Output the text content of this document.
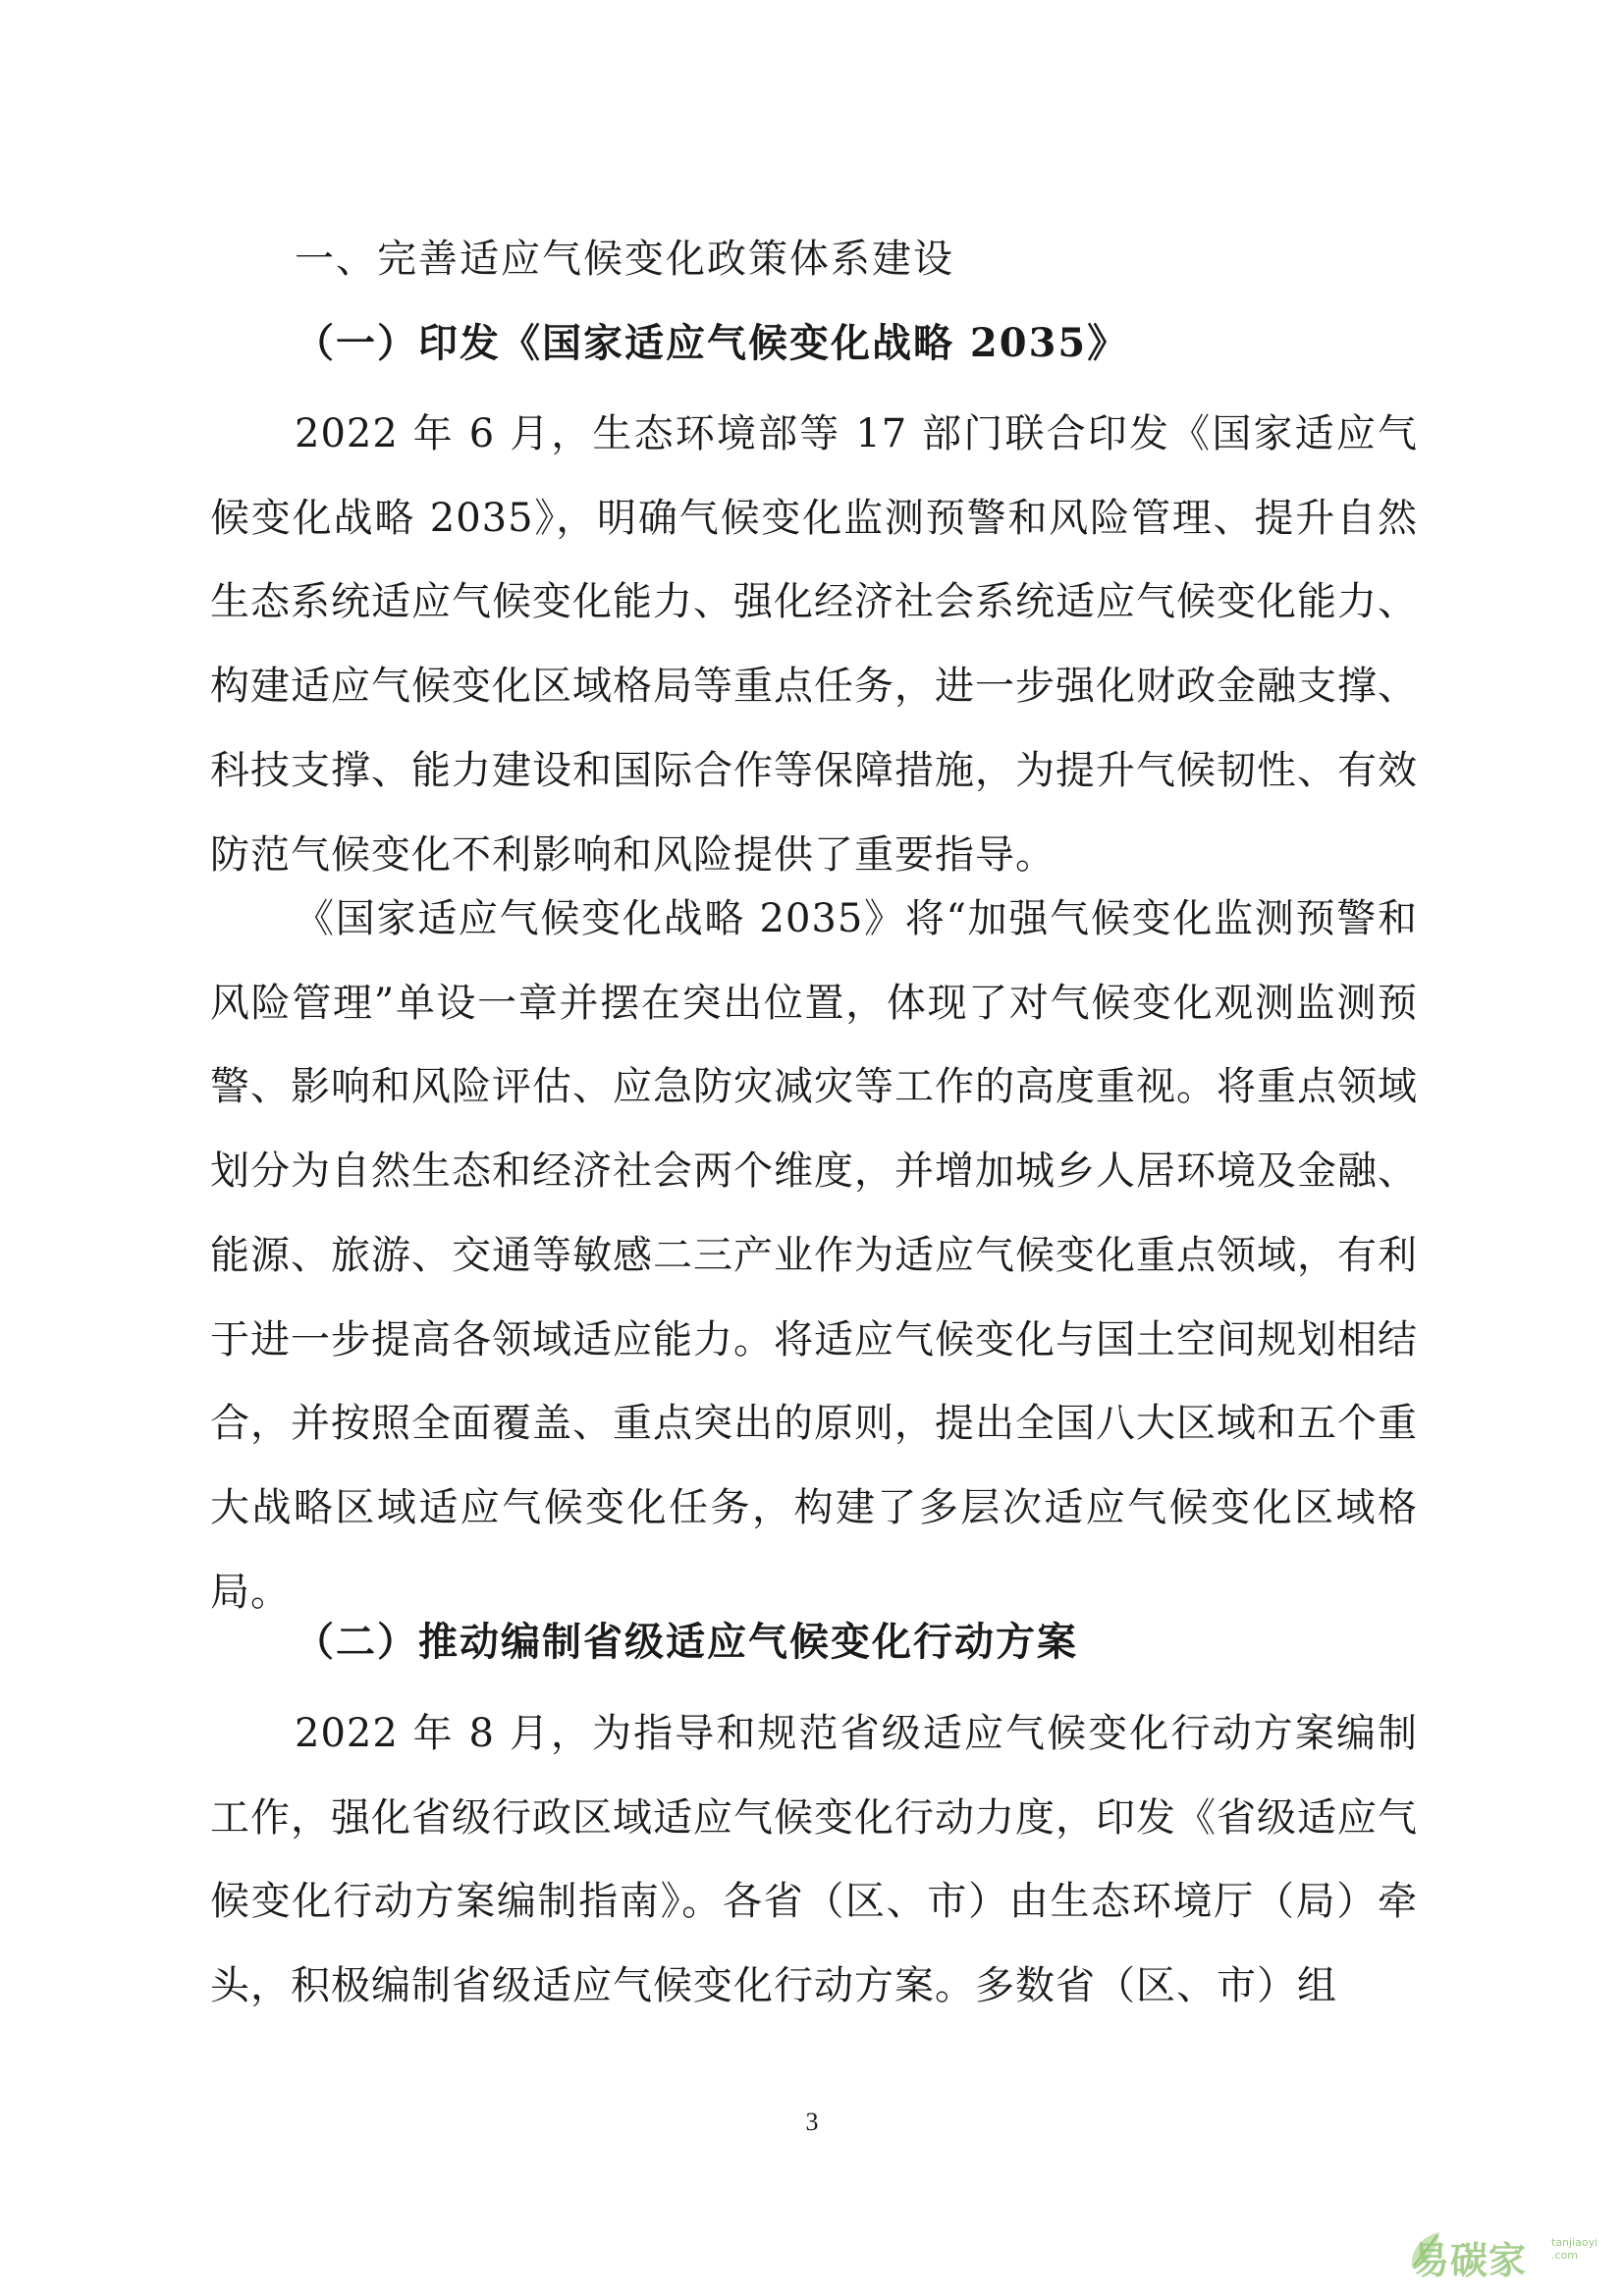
一、完善适应气候变化政策体系建设
（一）印发《国家适应气候变化战略 2035》
2022 年 6 月，生态环境部等 17 部门联合印发《国家适应气候变化战略 2035》，明确气候变化监测预警和风险管理、提升自然生态系统适应气候变化能力、强化经济社会系统适应气候变化能力、构建适应气候变化区域格局等重点任务，进一步强化财政金融支撑、科技支撑、能力建设和国际合作等保障措施，为提升气候韧性、有效防范气候变化不利影响和风险提供了重要指导。
《国家适应气候变化战略 2035》将“加强气候变化监测预警和风险管理”单设一章并摆在突出位置，体现了对气候变化观测监测预警、影响和风险评估、应急防灾减灾等工作的高度重视。将重点领域划分为自然生态和经济社会两个维度，并增加城乡人居环境及金融、能源、旅游、交通等敏感二三产业作为适应气候变化重点领域，有利于进一步提高各领域适应能力。将适应气候变化与国土空间规划相结合，并按照全面覆盖、重点突出的原则，提出全国八大区域和五个重大战略区域适应气候变化任务，构建了多层次适应气候变化区域格局。
（二）推动编制省级适应气候变化行动方案
2022 年 8 月，为指导和规范省级适应气候变化行动方案编制工作，强化省级行政区域适应气候变化行动力度，印发《省级适应气候变化行动方案编制指南》。各省（区、市）由生态环境厅（局）牵头，积极编制省级适应气候变化行动方案。多数省（区、市）组
3
易碳家 tanjiaoyi
.com
